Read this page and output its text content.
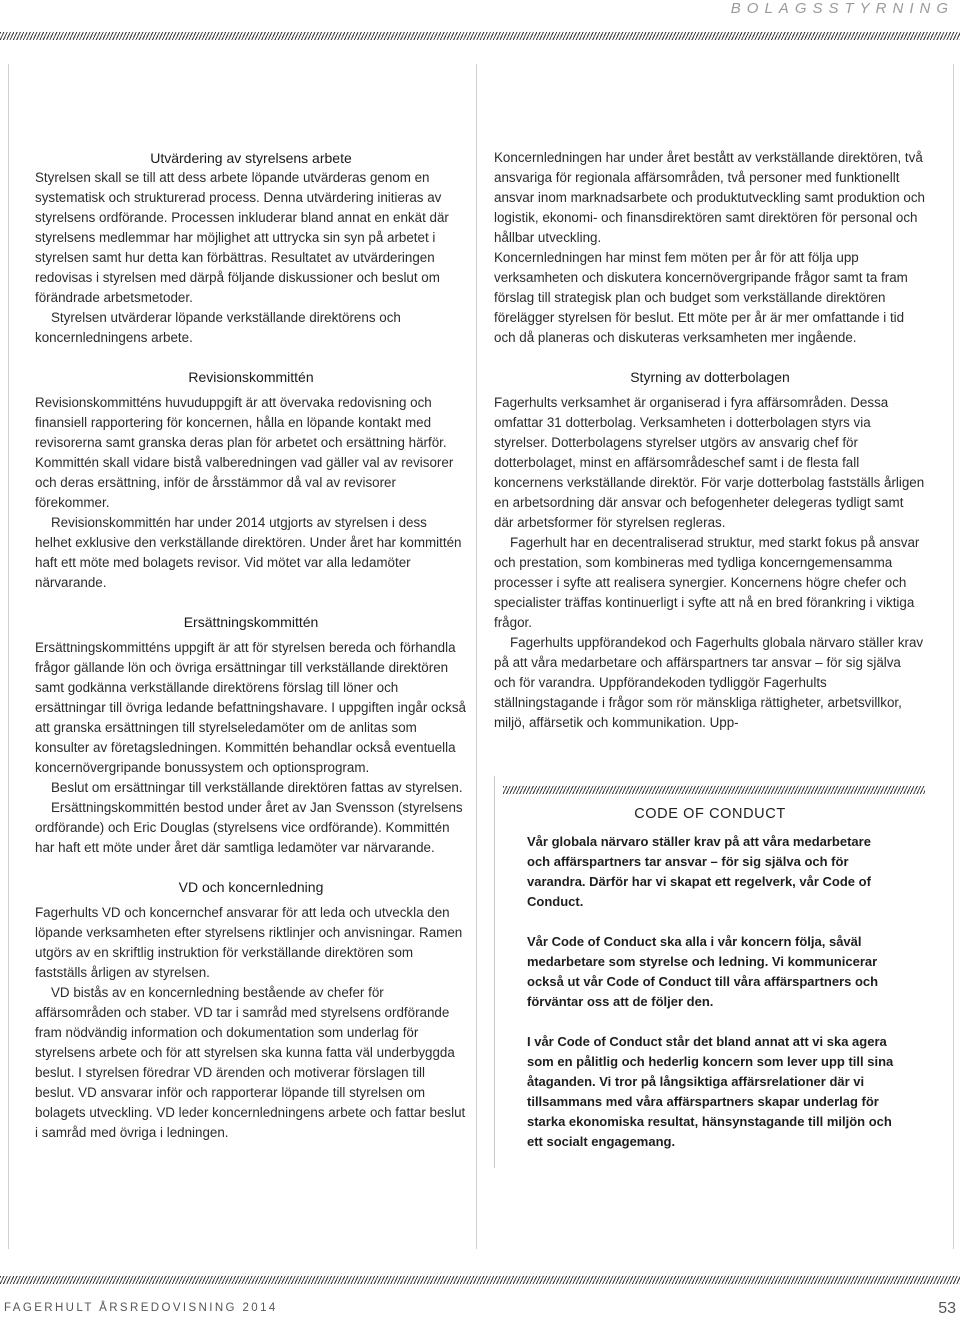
BOLAGSSTYRNING
Utvärdering av styrelsens arbete

Styrelsen skall se till att dess arbete löpande utvärderas genom en systematisk och strukturerad process. Denna utvärdering initieras av styrelsens ordförande. Processen inkluderar bland annat en enkät där styrelsens medlemmar har möjlighet att uttrycka sin syn på arbetet i styrelsen samt hur detta kan förbättras. Resultatet av utvärderingen redovisas i styrelsen med därpå följande diskussioner och beslut om förändrade arbetsmetoder.

Styrelsen utvärderar löpande verkställande direktörens och koncernledningens arbete.

Revisionskommittén

Revisionskommitténs huvuduppgift är att övervaka redovisning och finansiell rapportering för koncernen, hålla en löpande kontakt med revisorerna samt granska deras plan för arbetet och ersättning härför. Kommittén skall vidare bistå valberedningen vad gäller val av revisorer och deras ersättning, inför de årsstämmor då val av revisorer förekommer.

Revisionskommittén har under 2014 utgjorts av styrelsen i dess helhet exklusive den verkställande direktören. Under året har kommittén haft ett möte med bolagets revisor. Vid mötet var alla ledamöter närvarande.

Ersättningskommittén

Ersättningskommitténs uppgift är att för styrelsen bereda och förhandla frågor gällande lön och övriga ersättningar till verkställande direktören samt godkänna verkställande direktörens förslag till löner och ersättningar till övriga ledande befattningshavare. I uppgiften ingår också att granska ersättningen till styrelseledamöter om de anlitas som konsulter av företagsledningen. Kommittén behandlar också eventuella koncernövergripande bonussystem och optionsprogram.

Beslut om ersättningar till verkställande direktören fattas av styrelsen.

Ersättningskommittén bestod under året av Jan Svensson (styrelsens ordförande) och Eric Douglas (styrelsens vice ordförande). Kommittén har haft ett möte under året där samtliga ledamöter var närvarande.

VD och koncernledning

Fagerhults VD och koncernchef ansvarar för att leda och utveckla den löpande verksamheten efter styrelsens riktlinjer och anvisningar. Ramen utgörs av en skriftlig instruktion för verkställande direktören som fastställs årligen av styrelsen.

VD bistås av en koncernledning bestående av chefer för affärsområden och staber. VD tar i samråd med styrelsens ordförande fram nödvändig information och dokumentation som underlag för styrelsens arbete och för att styrelsen ska kunna fatta väl underbyggda beslut. I styrelsen föredrar VD ärenden och motiverar förslagen till beslut. VD ansvarar inför och rapporterar löpande till styrelsen om bolagets utveckling. VD leder koncernledningens arbete och fattar beslut i samråd med övriga i ledningen.

Koncernledningen har under året bestått av verkställande direktören, två ansvariga för regionala affärsområden, två personer med funktionellt ansvar inom marknadsarbete och produktutveckling samt produktion och logistik, ekonomi- och finansdirektören samt direktören för personal och hållbar utveckling.

Koncernledningen har minst fem möten per år för att följa upp verksamheten och diskutera koncernövergripande frågor samt ta fram förslag till strategisk plan och budget som verkställande direktören förelägger styrelsen för beslut. Ett möte per år är mer omfattande i tid och då planeras och diskuteras verksamheten mer ingående.

Styrning av dotterbolagen

Fagerhults verksamhet är organiserad i fyra affärsområden. Dessa omfattar 31 dotterbolag. Verksamheten i dotterbolagen styrs via styrelser. Dotterbolagens styrelser utgörs av ansvarig chef för dotterbolaget, minst en affärsområdeschef samt i de flesta fall koncernens verkställande direktör. För varje dotterbolag fastställs årligen en arbetsordning där ansvar och befogenheter delegeras tydligt samt där arbetsformer för styrelsen regleras.

Fagerhult har en decentraliserad struktur, med starkt fokus på ansvar och prestation, som kombineras med tydliga koncerngemensamma processer i syfte att realisera synergier. Koncernens högre chefer och specialister träffas kontinuerligt i syfte att nå en bred förankring i viktiga frågor.

Fagerhults uppförandekod och Fagerhults globala närvaro ställer krav på att våra medarbetare och affärspartners tar ansvar – för sig själva och för varandra. Uppförandekoden tydliggör Fagerhults ställningstagande i frågor som rör mänskliga rättigheter, arbetsvillkor, miljö, affärsetik och kommunikation. Upp-

CODE OF CONDUCT

Vår globala närvaro ställer krav på att våra medarbetare och affärspartners tar ansvar – för sig själva och för varandra. Därför har vi skapat ett regelverk, vår Code of Conduct.

Vår Code of Conduct ska alla i vår koncern följa, såväl medarbetare som styrelse och ledning. Vi kommunicerar också ut vår Code of Conduct till våra affärspartners och förväntar oss att de följer den.

I vår Code of Conduct står det bland annat att vi ska agera som en pålitlig och hederlig koncern som lever upp till sina åtaganden. Vi tror på långsiktiga affärsrelationer där vi tillsammans med våra affärspartners skapar underlag för starka ekonomiska resultat, hänsynstagande till miljön och ett socialt engagemang.

FAGERHULT ÅRSREDOVISNING 2014	53
